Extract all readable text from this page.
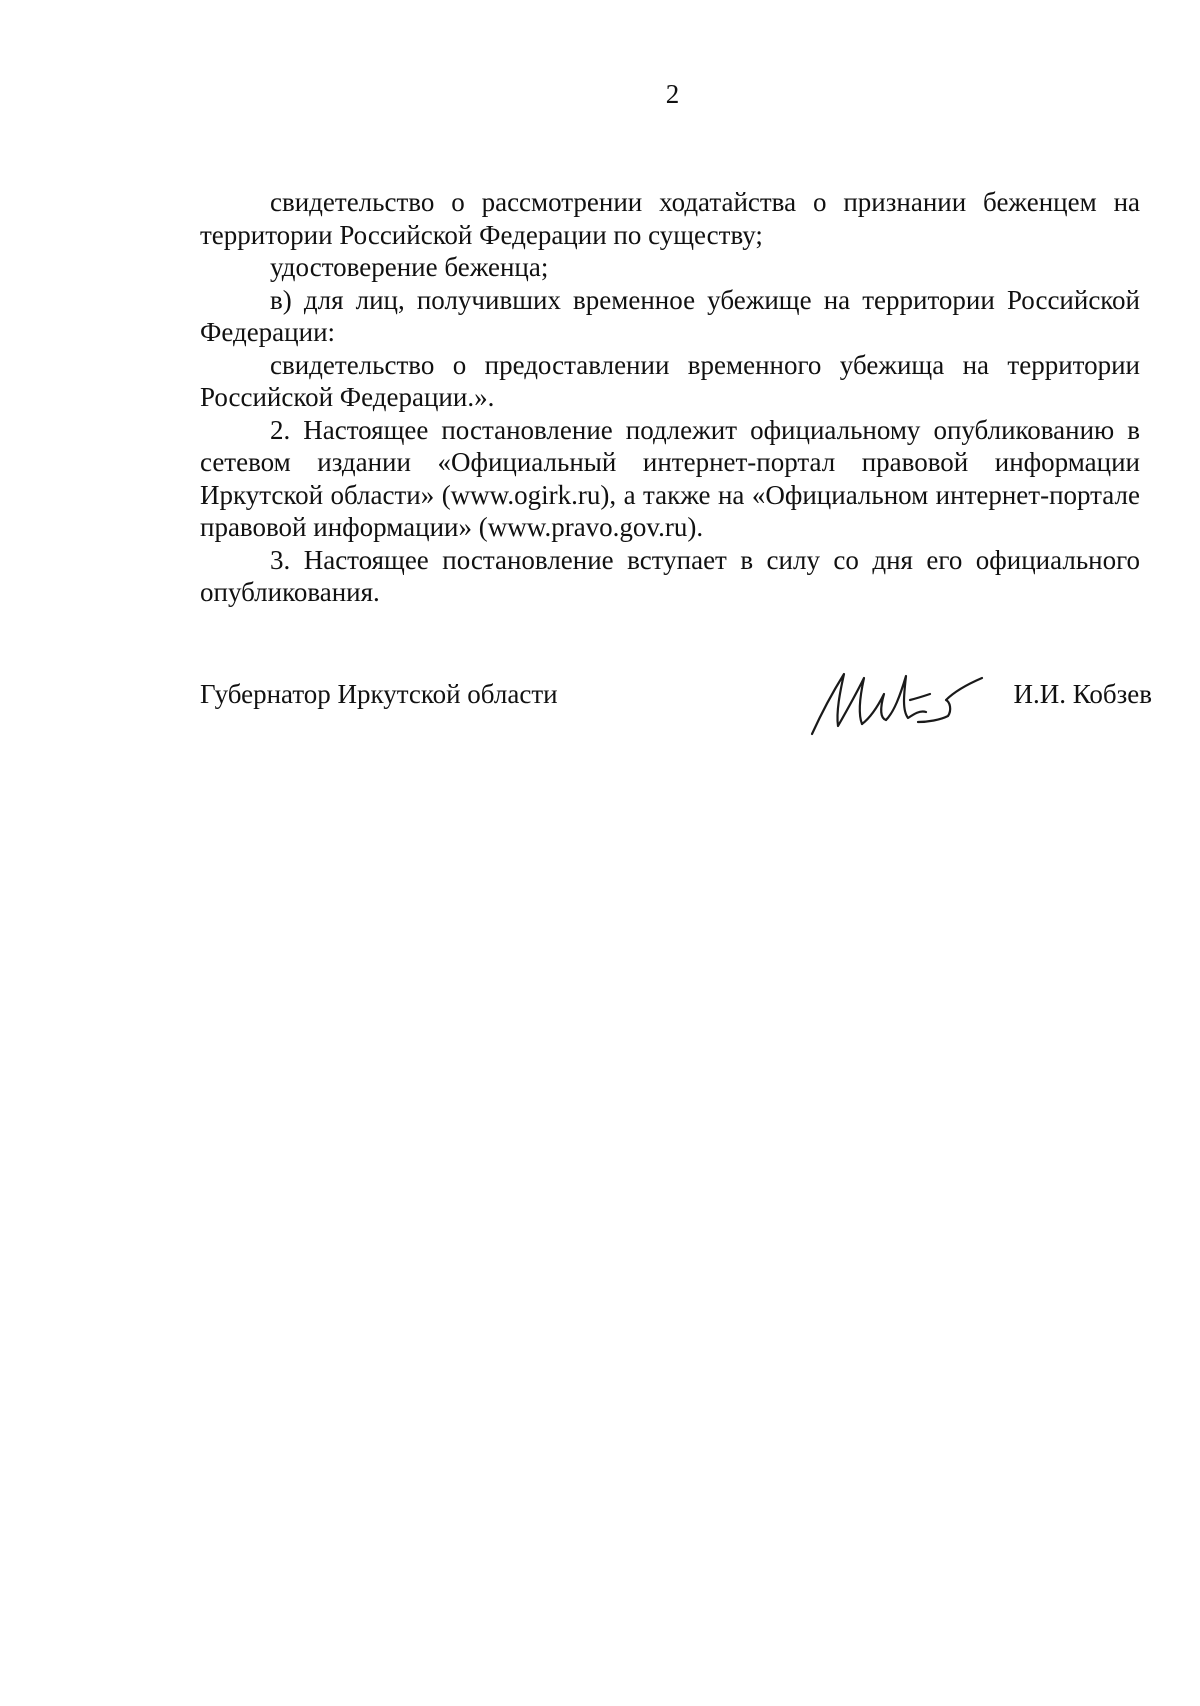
2

свидетельство о рассмотрении ходатайства о признании беженцем на территории Российской Федерации по существу;

удостоверение беженца;

в) для лиц, получивших временное убежище на территории Российской Федерации:

свидетельство о предоставлении временного убежища на территории Российской Федерации.».

2. Настоящее постановление подлежит официальному опубликованию в сетевом издании «Официальный интернет-портал правовой информации Иркутской области» (www.ogirk.ru), а также на «Официальном интернет-портале правовой информации» (www.pravo.gov.ru).

3. Настоящее постановление вступает в силу со дня его официального опубликования.

Губернатор Иркутской области	И.И. Кобзев
